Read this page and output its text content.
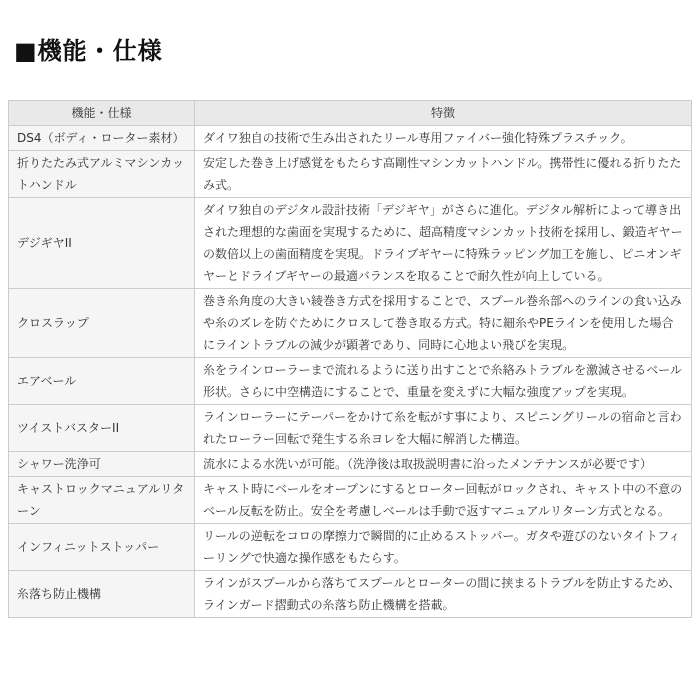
■機能・仕様
機能・仕様	特徴
DS4（ボディ・ローター素材）	ダイワ独自の技術で生み出されたリール専用ファイバー強化特殊プラスチック。
折りたたみ式アルミマシンカットハンドル	安定した巻き上げ感覚をもたらす高剛性マシンカットハンドル。携帯性に優れる折りたたみ式。
デジギヤII	ダイワ独自のデジタル設計技術「デジギヤ」がさらに進化。デジタル解析によって導き出された理想的な歯面を実現するために、超高精度マシンカット技術を採用し、鍛造ギヤーの数倍以上の歯面精度を実現。ドライブギヤーに特殊ラッピング加工を施し、ピニオンギヤーとドライブギヤーの最適バランスを取ることで耐久性が向上している。
クロスラップ	巻き糸角度の大きい綾巻き方式を採用することで、スプール巻糸部へのラインの食い込みや糸のズレを防ぐためにクロスして巻き取る方式。特に細糸やPEラインを使用した場合にライントラブルの減少が顕著であり、同時に心地よい飛びを実現。
エアベール	糸をラインローラーまで流れるように送り出すことで糸絡みトラブルを激減させるベール形状。さらに中空構造にすることで、重量を変えずに大幅な強度アップを実現。
ツイストバスターII	ラインローラーにテーパーをかけて糸を転がす事により、スピニングリールの宿命と言われたローラー回転で発生する糸ヨレを大幅に解消した構造。
シャワー洗浄可	流水による水洗いが可能。（洗浄後は取扱説明書に沿ったメンテナンスが必要です）
キャストロックマニュアルリターン	キャスト時にベールをオープンにするとローター回転がロックされ、キャスト中の不意のベール反転を防止。安全を考慮しベールは手動で返すマニュアルリターン方式となる。
インフィニットストッパー	リールの逆転をコロの摩擦力で瞬間的に止めるストッパー。ガタや遊びのないタイトフィーリングで快適な操作感をもたらす。
糸落ち防止機構	ラインがスプールから落ちてスプールとローターの間に挟まるトラブルを防止するため、ラインガード摺動式の糸落ち防止機構を搭載。
